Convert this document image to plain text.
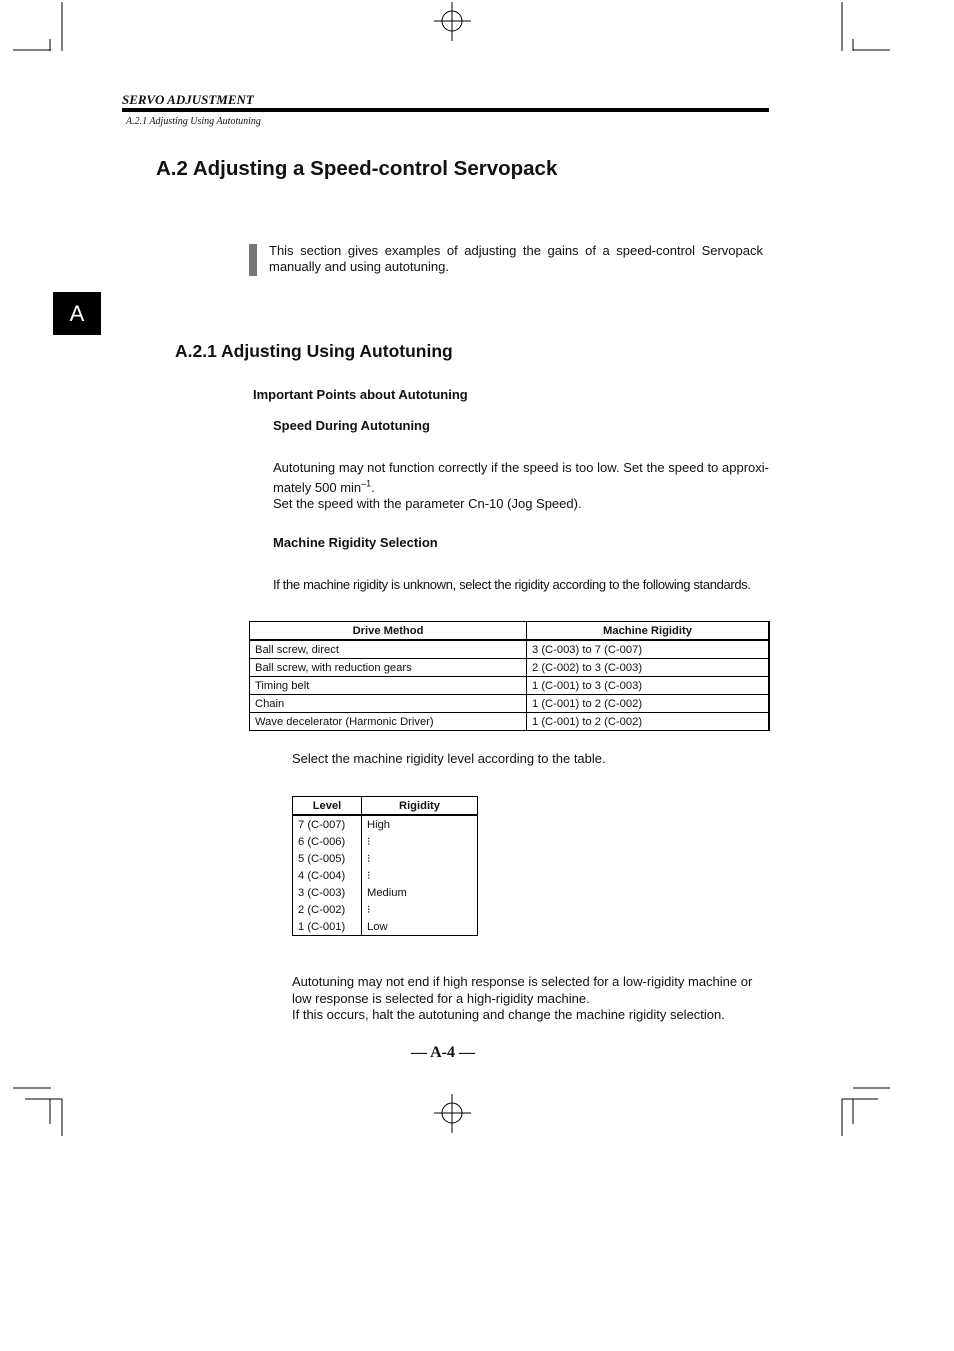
SERVO ADJUSTMENT
A.2.1 Adjusting Using Autotuning
A.2 Adjusting a Speed-control Servopack
This section gives examples of adjusting the gains of a speed-control Servopack manually and using autotuning.
A
A.2.1 Adjusting Using Autotuning
Important Points about Autotuning
Speed During Autotuning
Autotuning may not function correctly if the speed is too low. Set the speed to approxi-
mately 500 $\min^{-1}$.
Set the speed with the parameter Cn-10 (Jog Speed).
Machine Rigidity Selection
If the machine rigidity is unknown, select the rigidity according to the following standards.
Drive Method	Machine Rigidity
Ball screw, direct	3 (C-003) to 7 (C-007)
Ball screw, with reduction gears	2 (C-002) to 3 (C-003)
Timing belt	1 (C-001) to 3 (C-003)
Chain	1 (C-001) to 2 (C-002)
Wave decelerator (Harmonic Driver)	1 (C-001) to 2 (C-002)
Select the machine rigidity level according to the table.
Level	Rigidity
7 (C-007)	High
6 (C-006)	⁝
5 (C-005)	⁝
4 (C-004)	⁝
3 (C-003)	Medium
2 (C-002)	⁝
1 (C-001)	Low
Autotuning may not end if high response is selected for a low-rigidity machine or low response is selected for a high-rigidity machine.
If this occurs, halt the autotuning and change the machine rigidity selection.
— A-4 —
